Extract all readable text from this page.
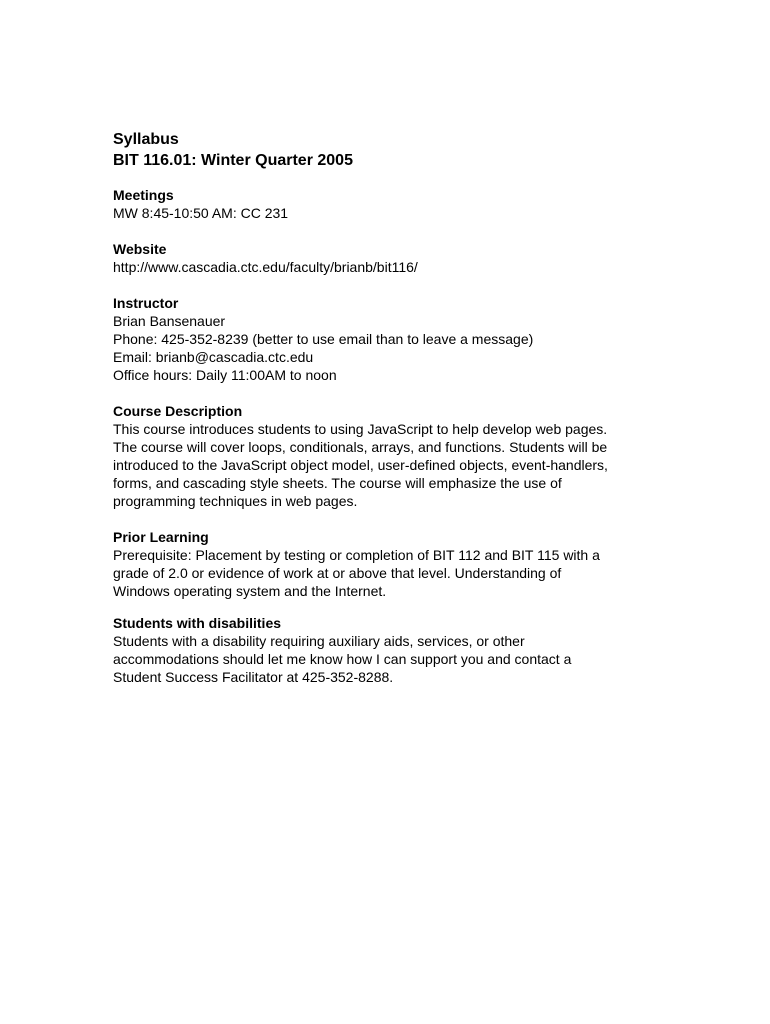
Syllabus
BIT 116.01: Winter Quarter 2005
Meetings
MW 8:45-10:50 AM: CC 231
Website
http://www.cascadia.ctc.edu/faculty/brianb/bit116/
Instructor
Brian Bansenauer
Phone: 425-352-8239 (better to use email than to leave a message)
Email: brianb@cascadia.ctc.edu
Office hours: Daily 11:00AM to noon
Course Description
This course introduces students to using JavaScript to help develop web pages.
The course will cover loops, conditionals, arrays, and functions. Students will be
introduced to the JavaScript object model, user-defined objects, event-handlers,
forms, and cascading style sheets. The course will emphasize the use of
programming techniques in web pages.
Prior Learning
Prerequisite: Placement by testing or completion of BIT 112 and BIT 115 with a
grade of 2.0 or evidence of work at or above that level. Understanding of
Windows operating system and the Internet.
Students with disabilities
Students with a disability requiring auxiliary aids, services, or other
accommodations should let me know how I can support you and contact a
Student Success Facilitator at 425-352-8288.
